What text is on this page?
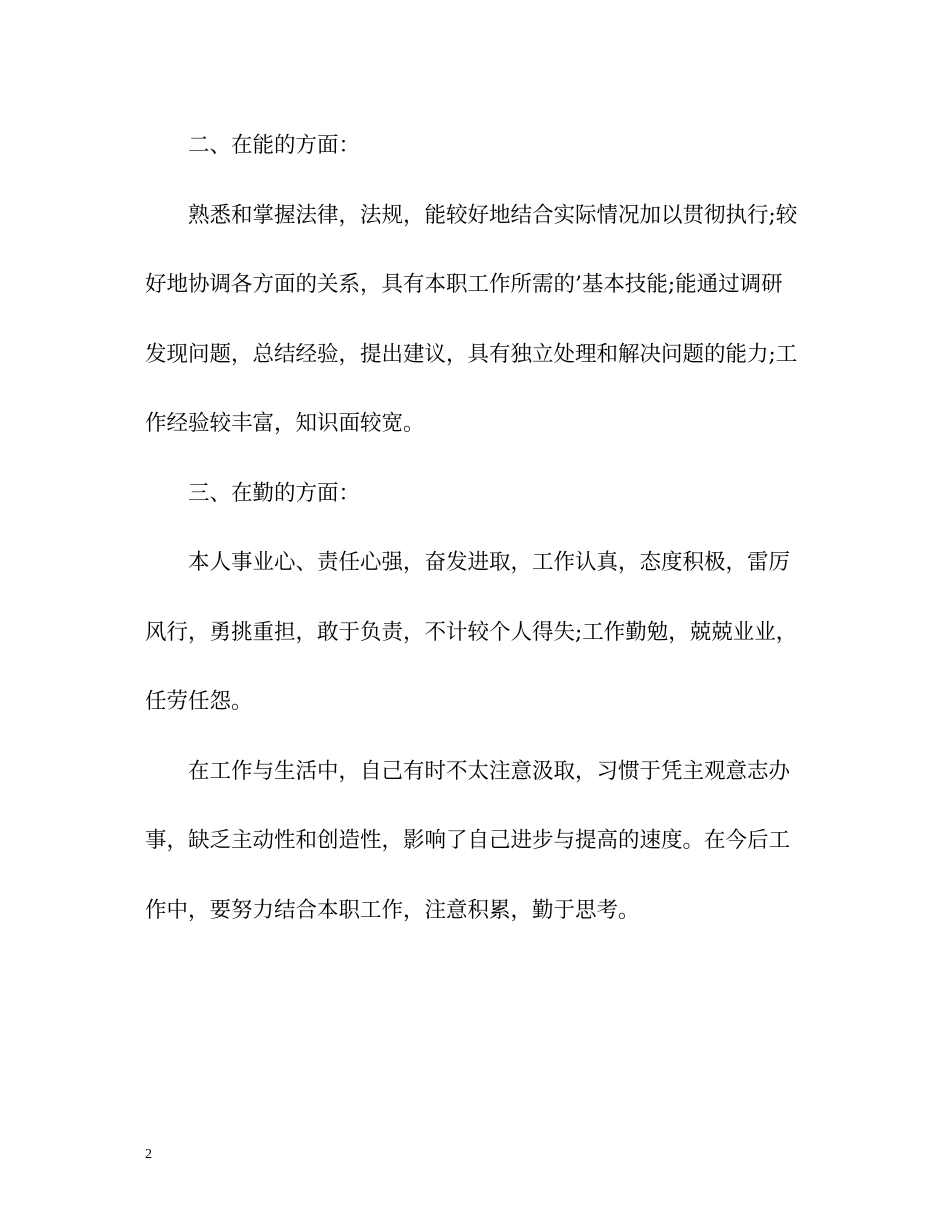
二、在能的方面：
熟悉和掌握法律，法规，能较好地结合实际情况加以贯彻执行;较
好地协调各方面的关系，具有本职工作所需的’基本技能;能通过调研
发现问题，总结经验，提出建议，具有独立处理和解决问题的能力;工
作经验较丰富，知识面较宽。
三、在勤的方面：
本人事业心、责任心强，奋发进取，工作认真，态度积极，雷厉
风行，勇挑重担，敢于负责，不计较个人得失;工作勤勉，兢兢业业，
任劳任怨。
在工作与生活中，自己有时不太注意汲取，习惯于凭主观意志办
事，缺乏主动性和创造性，影响了自己进步与提高的速度。在今后工
作中，要努力结合本职工作，注意积累，勤于思考。
2
